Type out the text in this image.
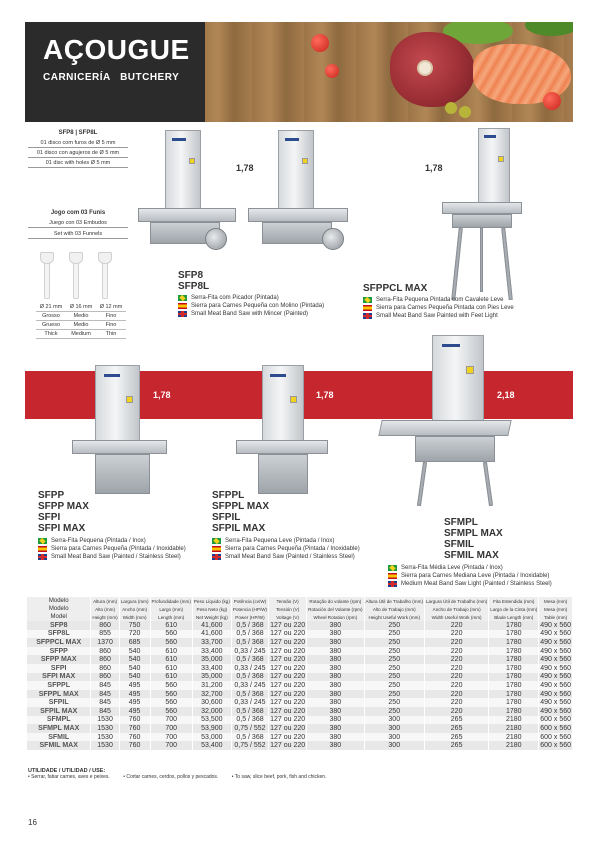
AÇOUGUE
CARNICERÍA BUTCHERY
SFP8 | SFP8L
01 disco com furos de Ø 5 mm
01 disco con agujeros de Ø 5 mm
01 disc with holes Ø 5 mm
Jogo com 03 Funis
Juego con 03 Embudos
Set with 03 Funnels
Ø 21 mm	Ø 16 mm	Ø 12 mm
Grosso	Medio	Fino
Grueso	Medio	Fino
Thick	Medium	Thin
1,78	1,78
SFP8
SFP8L
Serra-Fita com Picador (Pintada)
Sierra para Carnes Pequeña con Molino (Pintada)
Small Meat Band Saw with Mincer (Painted)
SFPPCL MAX
Serra-Fita Pequena Pintada com Cavalete Leve
Sierra para Carnes Pequeña Pintada con Pies Leve
Small Meat Band Saw Painted with Feet Light
1,78	1,78	2,18
SFPP
SFPP MAX
SFPI
SFPI MAX
Serra-Fita Pequena (Pintada / Inox)
Sierra para Carnes Pequeña (Pintada / Inoxidable)
Small Meat Band Saw (Painted / Stainless Steel)
SFPPL
SFPPL MAX
SFPIL
SFPIL MAX
Serra-Fita Pequena Leve (Pintada / Inox)
Sierra para Carnes Pequeña (Pintada / Inoxidable)
Small Meat Band Saw (Painted / Stainless Steel)
SFMPL
SFMPL MAX
SFMIL
SFMIL MAX
Serra-Fita Média Leve (Pintada / Inox)
Sierra para Carnes Mediana Leve (Pintada / Inoxidable)
Medium Meat Band Saw Light (Painted / Stainless Steel)
Modelo	Altura (mm)	Largura (mm)	Profundidade (mm)	Peso Líquido (kg)	Potência (cv/W)	Tensão (V)	Rotação do volante (rpm)	Altura Útil de Trabalho (mm)	Largura Útil de Trabalho (mm)	Fita Estendida (mm)	Mesa (mm)
Modelo	Alto (mm)	Ancho (mm)	Largo (mm)	Peso Neto (kg)	Potencia (HP/W)	Tensión (V)	Rotación del Volante (rpm)	Alto de Trabajo (mm)	Ancho de Trabajo (mm)	Largo de la Cinta (mm)	Mesa (mm)
Model	Height (mm)	Width (mm)	Length (mm)	Net Weight (kg)	Power (HP/W)	Voltage (V)	Wheel Rotation (rpm)	Height Useful Work (mm)	Width Useful Work (mm)	Blade Length (mm)	Table (mm)
SFP8	860	750	610	41,600	0,5 / 368	127 ou 220	380	250	220	1780	490 x 560
SFP8L	855	720	560	41,600	0,5 / 368	127 ou 220	380	250	220	1780	490 x 560
SFPPCL MAX	1370	685	560	33,700	0,5 / 368	127 ou 220	380	250	220	1780	490 x 560
SFPP	860	540	610	33,400	0,33 / 245	127 ou 220	380	250	220	1780	490 x 560
SFPP MAX	860	540	610	35,000	0,5 / 368	127 ou 220	380	250	220	1780	490 x 560
SFPI	860	540	610	33,400	0,33 / 245	127 ou 220	380	250	220	1780	490 x 560
SFPI MAX	860	540	610	35,000	0,5 / 368	127 ou 220	380	250	220	1780	490 x 560
SFPPL	845	495	560	31,200	0,33 / 245	127 ou 220	380	250	220	1780	490 x 560
SFPPL MAX	845	495	560	32,700	0,5 / 368	127 ou 220	380	250	220	1780	490 x 560
SFPIL	845	495	560	30,600	0,33 / 245	127 ou 220	380	250	220	1780	490 x 560
SFPIL MAX	845	495	560	32,000	0,5 / 368	127 ou 220	380	250	220	1780	490 x 560
SFMPL	1530	760	700	53,500	0,5 / 368	127 ou 220	380	300	265	2180	600 x 560
SFMPL MAX	1530	760	700	53,900	0,75 / 552	127 ou 220	380	300	265	2180	600 x 560
SFMIL	1530	760	700	53,000	0,5 / 368	127 ou 220	380	300	265	2180	600 x 560
SFMIL MAX	1530	760	700	53,400	0,75 / 552	127 ou 220	380	300	265	2180	600 x 560
UTILIDADE / UTILIDAD / USE:
• Serrar, fatiar carnes, aves e peixes.	• Cortar carnes, cerdos, pollos y pescados.	• To saw, slice beef, pork, fish and chicken.
16
